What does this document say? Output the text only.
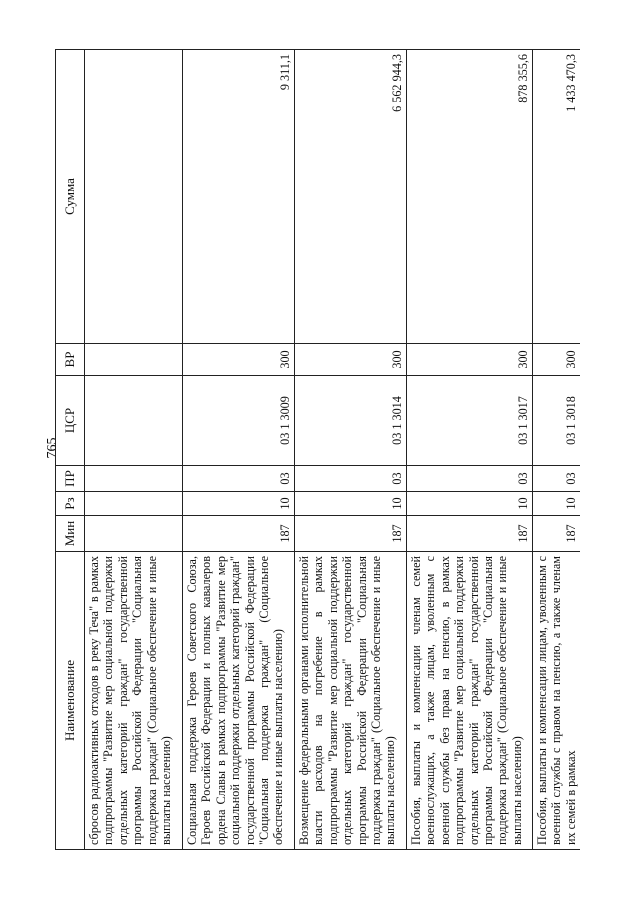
765
Наименование	Мин	Рз	ПР	ЦСР	ВР	Сумма
сбросов радиоактивных отходов в реку Теча" в рамках подпрограммы "Развитие мер социальной поддержки отдельных категорий граждан" государственной программы Российской Федерации "Социальная поддержка граждан" (Социальное обеспечение и иные выплаты населению)						
Социальная поддержка Героев Советского Союза, Героев Российской Федерации и полных кавалеров ордена Славы в рамках подпрограммы "Развитие мер социальной поддержки отдельных категорий граждан" государственной программы Российской Федерации "Социальная поддержка граждан" (Социальное обеспечение и иные выплаты населению)	187	10	03	03 1 3009	300	9 311,1
Возмещение федеральными органами исполнительной власти расходов на погребение в рамках подпрограммы "Развитие мер социальной поддержки отдельных категорий граждан" государственной программы Российской Федерации "Социальная поддержка граждан" (Социальное обеспечение и иные выплаты населению)	187	10	03	03 1 3014	300	6 562 944,3
Пособия, выплаты и компенсации членам семей военнослужащих, а также лицам, уволенным с военной службы без права на пенсию, в рамках подпрограммы "Развитие мер социальной поддержки отдельных категорий граждан" государственной программы Российской Федерации "Социальная поддержка граждан" (Социальное обеспечение и иные выплаты населению)	187	10	03	03 1 3017	300	878 355,6
Пособия, выплаты и компенсации лицам, уволенным с военной службы с правом на пенсию, а также членам их семей в рамках	187	10	03	03 1 3018	300	1 433 470,3
